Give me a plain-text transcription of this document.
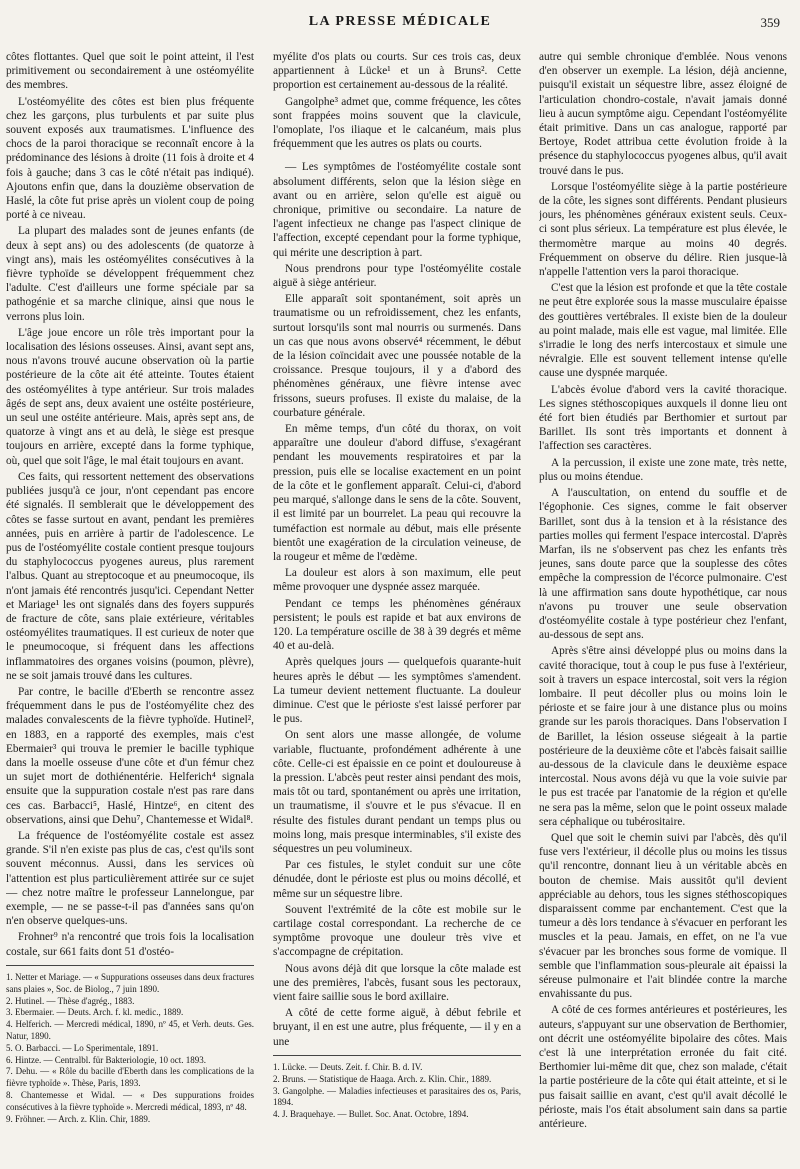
LA PRESSE MÉDICALE	359

côtes flottantes. Quel que soit le point atteint, il l'est primitivement ou secondairement à une ostéomyélite des membres.

L'ostéomyélite des côtes est bien plus fréquente chez les garçons, plus turbulents et par suite plus souvent exposés aux traumatismes. L'influence des chocs de la paroi thoracique se reconnaît encore à la prédominance des lésions à droite (11 fois à droite et 4 fois à gauche; dans 3 cas le côté n'était pas indiqué). Ajoutons enfin que, dans la douzième observation de Haslé, la côte fut prise après un violent coup de poing porté à ce niveau.

La plupart des malades sont de jeunes enfants (de deux à sept ans) ou des adolescents (de quatorze à vingt ans), mais les ostéomyélites consécutives à la fièvre typhoïde se développent fréquemment chez l'adulte. C'est d'ailleurs une forme spéciale par sa pathogénie et sa marche clinique, ainsi que nous le verrons plus loin.

L'âge joue encore un rôle très important pour la localisation des lésions osseuses. Ainsi, avant sept ans, nous n'avons trouvé aucune observation où la partie postérieure de la côte ait été atteinte. Toutes étaient des ostéomyélites à type antérieur. Sur trois malades âgés de sept ans, deux avaient une ostéite postérieure, un seul une ostéite antérieure. Mais, après sept ans, de quatorze à vingt ans et au delà, le siège est presque toujours en arrière, excepté dans la forme typhique, où, quel que soit l'âge, le mal était toujours en avant.

Ces faits, qui ressortent nettement des observations publiées jusqu'à ce jour, n'ont cependant pas encore été signalés. Il semblerait que le développement des côtes se fasse surtout en avant, pendant les premières années, puis en arrière à partir de l'adolescence. Le pus de l'ostéomyélite costale contient presque toujours du staphylococcus pyogenes aureus, plus rarement l'albus. Quant au streptocoque et au pneumocoque, ils n'ont jamais été rencontrés jusqu'ici. Cependant Netter et Mariage¹ les ont signalés dans des foyers suppurés de fracture de côte, sans plaie extérieure, véritables ostéomyélites traumatiques. Il est curieux de noter que le pneumocoque, si fréquent dans les affections inflammatoires des organes voisins (poumon, plèvre), ne se soit jamais trouvé dans les cultures.

Par contre, le bacille d'Eberth se rencontre assez fréquemment dans le pus de l'ostéomyélite chez des malades convalescents de la fièvre typhoïde. Hutinel², en 1883, en a rapporté des exemples, mais c'est Ebermaier³ qui trouva le premier le bacille typhique dans la moelle osseuse d'une côte et d'un fémur chez un sujet mort de dothiénentérie. Helferich⁴ signala ensuite que la suppuration costale n'est pas rare dans ces cas. Barbacci⁵, Haslé, Hintze⁶, en citent des observations, ainsi que Dehu⁷, Chantemesse et Widal⁸.

La fréquence de l'ostéomyélite costale est assez grande. S'il n'en existe pas plus de cas, c'est qu'ils sont souvent méconnus. Aussi, dans les services où l'attention est plus particulièrement attirée sur ce sujet — chez notre maître le professeur Lannelongue, par exemple, — ne se passe-t-il pas d'années sans qu'on n'en observe quelques-uns.

Frohner⁹ n'a rencontré que trois fois la localisation costale, sur 661 faits dont 51 d'ostéo-

1. Netter et Mariage. — « Suppurations osseuses dans deux fractures sans plaies », Soc. de Biolog., 7 juin 1890.

2. Hutinel. — Thèse d'agrég., 1883.

3. Ebermaier. — Deuts. Arch. f. kl. medic., 1889.

4. Helferich. — Mercredi médical, 1890, nº 45, et Verh. deuts. Ges. Natur, 1890.

5. O. Barbacci. — Lo Sperimentale, 1891.

6. Hintze. — Centralbl. für Bakteriologie, 10 oct. 1893.

7. Dehu. — « Rôle du bacille d'Eberth dans les complications de la fièvre typhoïde ». Thèse, Paris, 1893.

8. Chantemesse et Widal. — « Des suppurations froides consécutives à la fièvre typhoïde ». Mercredi médical, 1893, nº 48.

9. Fröhner. — Arch. z. Klin. Chir, 1889.

myélite d'os plats ou courts. Sur ces trois cas, deux appartiennent à Lücke¹ et un à Bruns². Cette proportion est certainement au-dessous de la réalité.

Gangolphe³ admet que, comme fréquence, les côtes sont frappées moins souvent que la clavicule, l'omoplate, l'os iliaque et le calcanéum, mais plus fréquemment que les autres os plats ou courts.

— Les symptômes de l'ostéomyélite costale sont absolument différents, selon que la lésion siège en avant ou en arrière, selon qu'elle est aiguë ou chronique, primitive ou secondaire. La nature de l'agent infectieux ne change pas l'aspect clinique de l'affection, excepté cependant pour la forme typhique, qui mérite une description à part.

Nous prendrons pour type l'ostéomyélite costale aiguë à siège antérieur.

Elle apparaît soit spontanément, soit après un traumatisme ou un refroidissement, chez les enfants, surtout lorsqu'ils sont mal nourris ou surmenés. Dans un cas que nous avons observé⁴ récemment, le début de la lésion coïncidait avec une poussée notable de la croissance. Presque toujours, il y a d'abord des phénomènes généraux, une fièvre intense avec frissons, sueurs profuses. Il existe du malaise, de la courbature générale.

En même temps, d'un côté du thorax, on voit apparaître une douleur d'abord diffuse, s'exagérant pendant les mouvements respiratoires et par la pression, puis elle se localise exactement en un point de la côte et le gonflement apparaît. Celui-ci, d'abord peu marqué, s'allonge dans le sens de la côte. Souvent, il est limité par un bourrelet. La peau qui recouvre la tuméfaction est normale au début, mais elle présente bientôt une exagération de la circulation veineuse, de la rougeur et même de l'œdème.

La douleur est alors à son maximum, elle peut même provoquer une dyspnée assez marquée.

Pendant ce temps les phénomènes généraux persistent; le pouls est rapide et bat aux environs de 120. La température oscille de 38 à 39 degrés et même 40 et au-delà.

Après quelques jours — quelquefois quarante-huit heures après le début — les symptômes s'amendent. La tumeur devient nettement fluctuante. La douleur diminue. C'est que le périoste s'est laissé perforer par le pus.

On sent alors une masse allongée, de volume variable, fluctuante, profondément adhérente à une côte. Celle-ci est épaissie en ce point et douloureuse à la pression. L'abcès peut rester ainsi pendant des mois, mais tôt ou tard, spontanément ou après une irritation, un traumatisme, il s'ouvre et le pus s'évacue. Il en résulte des fistules durant pendant un temps plus ou moins long, mais presque interminables, s'il existe des séquestres un peu volumineux.

Par ces fistules, le stylet conduit sur une côte dénudée, dont le périoste est plus ou moins décollé, et même sur un séquestre libre.

Souvent l'extrémité de la côte est mobile sur le cartilage costal correspondant. La recherche de ce symptôme provoque une douleur très vive et s'accompagne de crépitation.

Nous avons déjà dit que lorsque la côte malade est une des premières, l'abcès, fusant sous les pectoraux, vient faire saillie sous le bord axillaire.

A côté de cette forme aiguë, à début febrile et bruyant, il en est une autre, plus fréquente, — il y en a une

1. Lücke. — Deuts. Zeit. f. Chir. B. d. IV.

2. Bruns. — Statistique de Haaga. Arch. z. Klin. Chir., 1889.

3. Gangolphe. — Maladies infectieuses et parasitaires des os, Paris, 1894.

4. J. Braquehaye. — Bullet. Soc. Anat. Octobre, 1894.

autre qui semble chronique d'emblée. Nous venons d'en observer un exemple. La lésion, déjà ancienne, puisqu'il existait un séquestre libre, assez éloigné de l'articulation chondro-costale, n'avait jamais donné lieu à aucun symptôme aigu. Cependant l'ostéomyélite était primitive. Dans un cas analogue, rapporté par Bertoye, Rodet attribua cette évolution froide à la présence du staphylococcus pyogenes albus, qu'il avait trouvé dans le pus.

Lorsque l'ostéomyélite siège à la partie postérieure de la côte, les signes sont différents. Pendant plusieurs jours, les phénomènes généraux existent seuls. Ceux-ci sont plus sérieux. La température est plus élevée, le thermomètre marque au moins 40 degrés. Fréquemment on observe du délire. Rien jusque-là n'appelle l'attention vers la paroi thoracique.

C'est que la lésion est profonde et que la tête costale ne peut être explorée sous la masse musculaire épaisse des gouttières vertébrales. Il existe bien de la douleur au point malade, mais elle est vague, mal limitée. Elle s'irradie le long des nerfs intercostaux et simule une névralgie. Elle est souvent tellement intense qu'elle cause une dyspnée marquée.

L'abcès évolue d'abord vers la cavité thoracique. Les signes stéthoscopiques auxquels il donne lieu ont été fort bien étudiés par Berthomier et surtout par Barillet. Ils sont très importants et donnent à l'affection ses caractères.

A la percussion, il existe une zone mate, très nette, plus ou moins étendue.

A l'auscultation, on entend du souffle et de l'égophonie. Ces signes, comme le fait observer Barillet, sont dus à la tension et à la résistance des parties molles qui ferment l'espace intercostal. D'après Marfan, ils ne s'observent pas chez les enfants très jeunes, sans doute parce que la souplesse des côtes empêche la compression de l'écorce pulmonaire. C'est là une affirmation sans doute hypothétique, car nous n'avons pu trouver une seule observation d'ostéomyélite costale à type postérieur chez l'enfant, au-dessous de sept ans.

Après s'être ainsi développé plus ou moins dans la cavité thoracique, tout à coup le pus fuse à l'extérieur, soit à travers un espace intercostal, soit vers la région lombaire. Il peut décoller plus ou moins loin le périoste et se faire jour à une distance plus ou moins grande sur les parois thoraciques. Dans l'observation I de Barillet, la lésion osseuse siégeait à la partie postérieure de la deuxième côte et l'abcès faisait saillie au-dessous de la clavicule dans le deuxième espace intercostal. Nous avons déjà vu que la voie suivie par le pus est tracée par l'anatomie de la région et qu'elle ne sera pas la même, selon que le point osseux malade sera céphalique ou tubérositaire.

Quel que soit le chemin suivi par l'abcès, dès qu'il fuse vers l'extérieur, il décolle plus ou moins les tissus qu'il rencontre, donnant lieu à un véritable abcès en bouton de chemise. Mais aussitôt qu'il devient appréciable au dehors, tous les signes stéthoscopiques disparaissent comme par enchantement. C'est que la tumeur a dès lors tendance à s'évacuer en perforant les muscles et la peau. Jamais, en effet, on ne l'a vue s'évacuer par les bronches sous forme de vomique. Il semble que l'inflammation sous-pleurale ait épaissi la séreuse pulmonaire et l'ait blindée contre la marche envahissante du pus.

A côté de ces formes antérieures et postérieures, les auteurs, s'appuyant sur une observation de Berthomier, ont décrit une ostéomyélite bipolaire des côtes. Mais c'est là une interprétation erronée du fait cité. Berthomier lui-même dit que, chez son malade, c'était la partie postérieure de la côte qui était atteinte, et si le pus faisait saillie en avant, c'est qu'il avait décollé le périoste, mais l'os était absolument sain dans sa partie antérieure.
